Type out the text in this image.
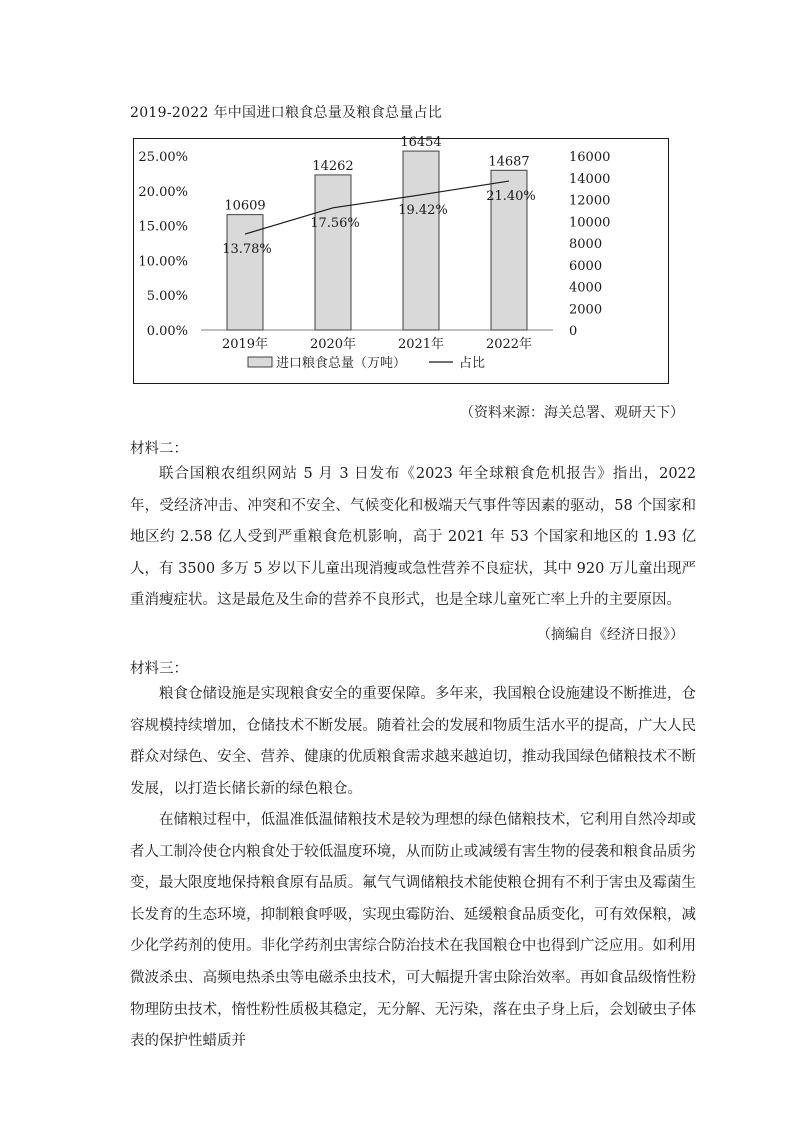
2019-2022 年中国进口粮食总量及粮食总量占比
0.00%
5.00%
10.00%
15.00%
20.00%
25.00%
0
2000
4000
6000
8000
10000
12000
14000
16000
10609
14262
16454
14687
2019年	2020年	2021年	2022年
13.78%
17.56%
19.42%
21.40%
进口粮食总量（万吨）	占比
（资料来源：海关总署、观研天下）
材料二：

联合国粮农组织网站 5 月 3 日发布《2023 年全球粮食危机报告》指出，2022 年，受经济冲击、冲突和不安全、气候变化和极端天气事件等因素的驱动，58 个国家和地区约 2.58 亿人受到严重粮食危机影响，高于 2021 年 53 个国家和地区的 1.93 亿人，有 3500 多万 5 岁以下儿童出现消瘦或急性营养不良症状，其中 920 万儿童出现严重消瘦症状。这是最危及生命的营养不良形式，也是全球儿童死亡率上升的主要原因。

（摘编自《经济日报》）
材料三：

粮食仓储设施是实现粮食安全的重要保障。多年来，我国粮仓设施建设不断推进，仓容规模持续增加，仓储技术不断发展。随着社会的发展和物质生活水平的提高，广大人民群众对绿色、安全、营养、健康的优质粮食需求越来越迫切，推动我国绿色储粮技术不断发展，以打造长储长新的绿色粮仓。

在储粮过程中，低温准低温储粮技术是较为理想的绿色储粮技术，它利用自然冷却或者人工制冷使仓内粮食处于较低温度环境，从而防止或减缓有害生物的侵袭和粮食品质劣变，最大限度地保持粮食原有品质。氟气气调储粮技术能使粮仓拥有不利于害虫及霉菌生长发育的生态环境，抑制粮食呼吸，实现虫霉防治、延缓粮食品质变化，可有效保粮，减少化学药剂的使用。非化学药剂虫害综合防治技术在我国粮仓中也得到广泛应用。如利用微波杀虫、高频电热杀虫等电磁杀虫技术，可大幅提升害虫除治效率。再如食品级惰性粉物理防虫技术，惰性粉性质极其稳定，无分解、无污染，落在虫子身上后，会划破虫子体表的保护性蜡质并
